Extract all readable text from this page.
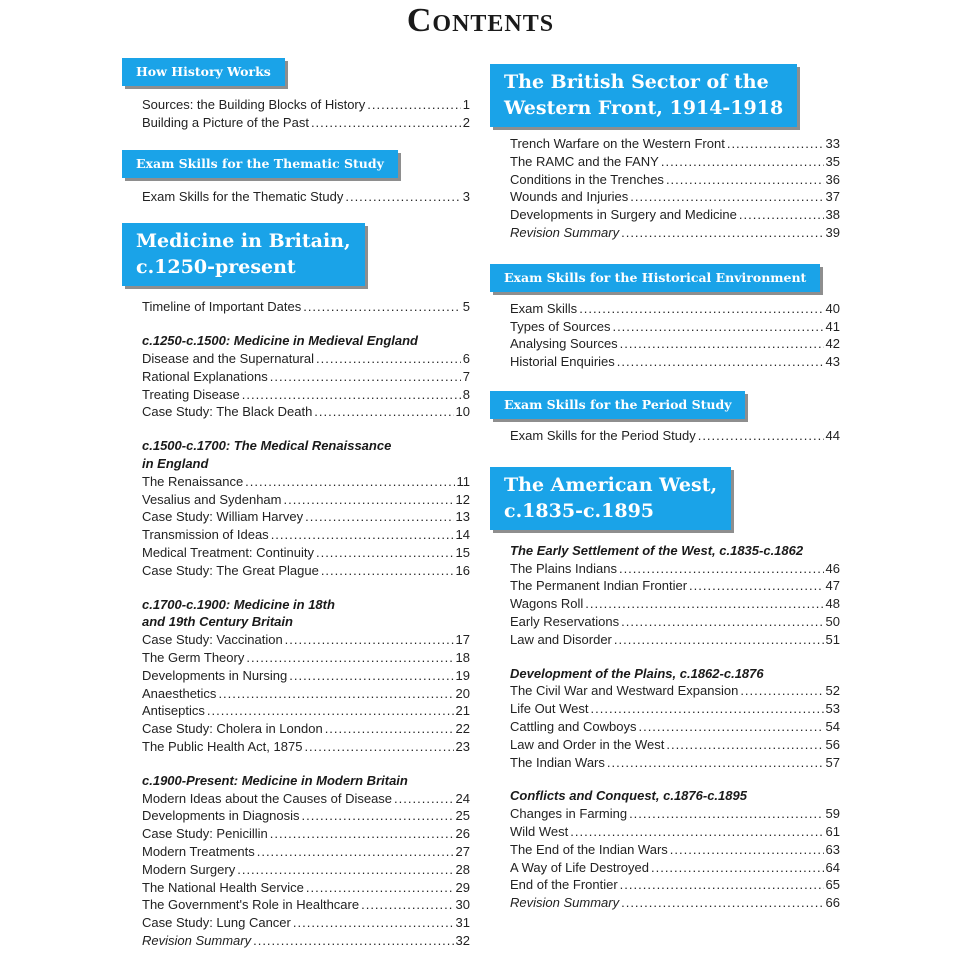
Contents
How History Works
Sources: the Building Blocks of History .....	1
Building a Picture of the Past .....	2
Exam Skills for the Thematic Study
Exam Skills for the Thematic Study .....	3
Medicine in Britain,
c.1250-present
Timeline of Important Dates .....	5
c.1250-c.1500: Medicine in Medieval England
Disease and the Supernatural .....	6
Rational Explanations .....	7
Treating Disease .....	8
Case Study: The Black Death .....	10
c.1500-c.1700: The Medical Renaissance
in England
The Renaissance .....	11
Vesalius and Sydenham .....	12
Case Study: William Harvey .....	13
Transmission of Ideas .....	14
Medical Treatment: Continuity .....	15
Case Study: The Great Plague .....	16
c.1700-c.1900: Medicine in 18th
and 19th Century Britain
Case Study: Vaccination .....	17
The Germ Theory .....	18
Developments in Nursing .....	19
Anaesthetics .....	20
Antiseptics .....	21
Case Study: Cholera in London .....	22
The Public Health Act, 1875 .....	23
c.1900-Present: Medicine in Modern Britain
Modern Ideas about the Causes of Disease .....	24
Developments in Diagnosis .....	25
Case Study: Penicillin .....	26
Modern Treatments .....	27
Modern Surgery .....	28
The National Health Service .....	29
The Government's Role in Healthcare .....	30
Case Study: Lung Cancer .....	31
Revision Summary .....	32
The British Sector of the
Western Front, 1914-1918
Trench Warfare on the Western Front .....	33
The RAMC and the FANY .....	35
Conditions in the Trenches .....	36
Wounds and Injuries .....	37
Developments in Surgery and Medicine .....	38
Revision Summary .....	39
Exam Skills for the Historical Environment
Exam Skills .....	40
Types of Sources .....	41
Analysing Sources .....	42
Historial Enquiries .....	43
Exam Skills for the Period Study
Exam Skills for the Period Study .....	44
The American West,
c.1835-c.1895
The Early Settlement of the West, c.1835-c.1862
The Plains Indians .....	46
The Permanent Indian Frontier .....	47
Wagons Roll .....	48
Early Reservations .....	50
Law and Disorder .....	51
Development of the Plains, c.1862-c.1876
The Civil War and Westward Expansion .....	52
Life Out West .....	53
Cattling and Cowboys .....	54
Law and Order in the West .....	56
The Indian Wars .....	57
Conflicts and Conquest, c.1876-c.1895
Changes in Farming .....	59
Wild West .....	61
The End of the Indian Wars .....	63
A Way of Life Destroyed .....	64
End of the Frontier .....	65
Revision Summary .....	66
